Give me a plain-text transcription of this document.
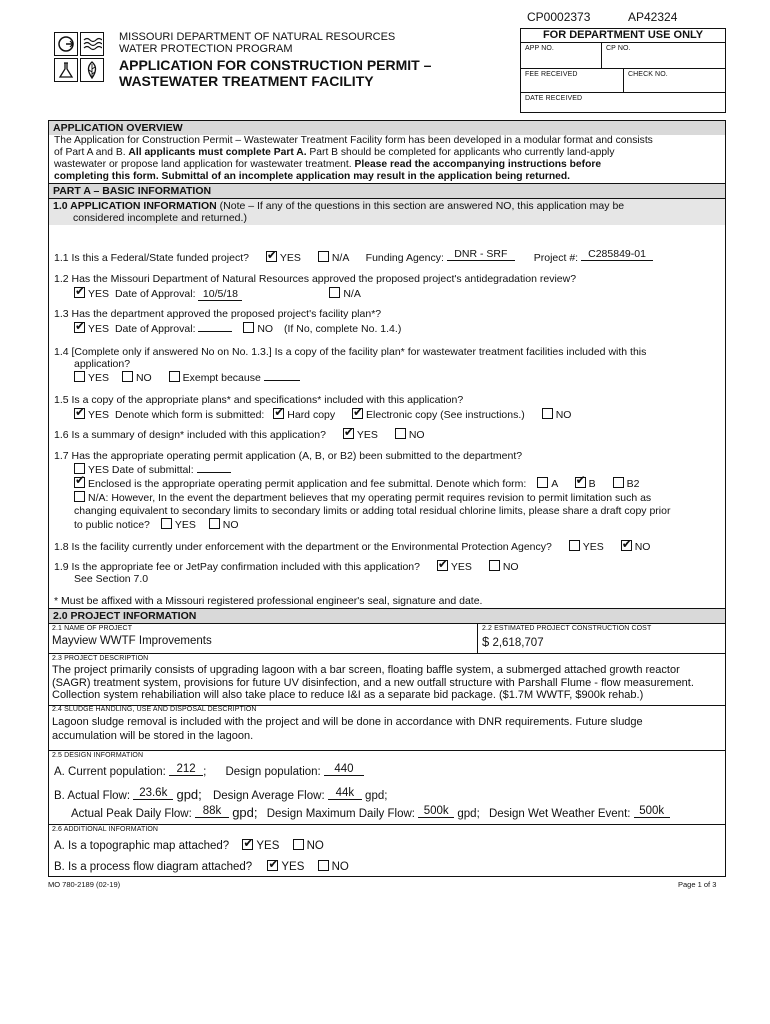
CP0002373	AP42324
MISSOURI DEPARTMENT OF NATURAL RESOURCES
WATER PROTECTION PROGRAM
APPLICATION FOR CONSTRUCTION PERMIT –
WASTEWATER TREATMENT FACILITY
FOR DEPARTMENT USE ONLY
APP NO.	CP NO.
FEE RECEIVED	CHECK NO.
DATE RECEIVED
APPLICATION OVERVIEW
The Application for Construction Permit – Wastewater Treatment Facility form has been developed in a modular format and consists
of Part A and B. All applicants must complete Part A. Part B should be completed for applicants who currently land-apply
wastewater or propose land application for wastewater treatment. Please read the accompanying instructions before
completing this form. Submittal of an incomplete application may result in the application being returned.
PART A – BASIC INFORMATION
1.0 APPLICATION INFORMATION (Note – If any of the questions in this section are answered NO, this application may be
considered incomplete and returned.)
1.1 Is this a Federal/State funded project? ✔	YES	N/A Funding Agency: DNR - SRF	Project #: C285849-01
1.2 Has the Missouri Department of Natural Resources approved the proposed project's antidegradation review?
✔YES Date of Approval: 10/5/18	N/A
1.3 Has the department approved the proposed project's facility plan*?
✔YES Date of Approval:	NO (If No, complete No. 1.4.)
1.4 [Complete only if answered No on No. 1.3.] Is a copy of the facility plan* for wastewater treatment facilities included with this
application?
YES	NO	Exempt because
1.5 Is a copy of the appropriate plans* and specifications* included with this application?
✔YES Denote which form is submitted: ✔ Hard copy ✔	Electronic copy (See instructions.)	NO
1.6 Is a summary of design* included with this application? ✔	YES	NO
1.7 Has the appropriate operating permit application (A, B, or B2) been submitted to the department?
YES Date of submittal:
✔Enclosed is the appropriate operating permit application and fee submittal. Denote which form: A ✔	B	B2
N/A: However, In the event the department believes that my operating permit requires revision to permit limitation such as
changing equivalent to secondary limits to secondary limits or adding total residual chlorine limits, please share a draft copy prior
to public notice? YES	NO
1.8 Is the facility currently under enforcement with the department or the Environmental Protection Agency?	YES ✔	NO
1.9 Is the appropriate fee or JetPay confirmation included with this application? ✔	YES	NO
See Section 7.0
* Must be affixed with a Missouri registered professional engineer's seal, signature and date.
2.0 PROJECT INFORMATION
2.1 NAME OF PROJECT
Mayview WWTF Improvements
2.2 ESTIMATED PROJECT CONSTRUCTION COST
$ 2,618,707
2.3 PROJECT DESCRIPTION
The project primarily consists of upgrading lagoon with a bar screen, floating baffle system, a submerged attached growth reactor
(SAGR) treatment system, provisions for future UV disinfection, and a new outfall structure with Parshall Flume - flow measurement.
Collection system rehabiliation will also take place to reduce I&I as a separate bid package. ($1.7M WWTF, $900k rehab.)
2.4 SLUDGE HANDLING, USE AND DISPOSAL DESCRIPTION
Lagoon sludge removal is included with the project and will be done in accordance with DNR requirements. Future sludge
accumulation will be stored in the lagoon.
2.5 DESIGN INFORMATION
A. Current population: 212 ; Design population: 440
B. Actual Flow: 23.6k gpd; Design Average Flow: 44k gpd;
Actual Peak Daily Flow: 88k gpd; Design Maximum Daily Flow: 500k gpd; Design Wet Weather Event: 500k
2.6 ADDITIONAL INFORMATION
A. Is a topographic map attached? ✔ YES NO
B. Is a process flow diagram attached? ✔	YES NO
MO 780-2189 (02-19)	Page 1 of 3
